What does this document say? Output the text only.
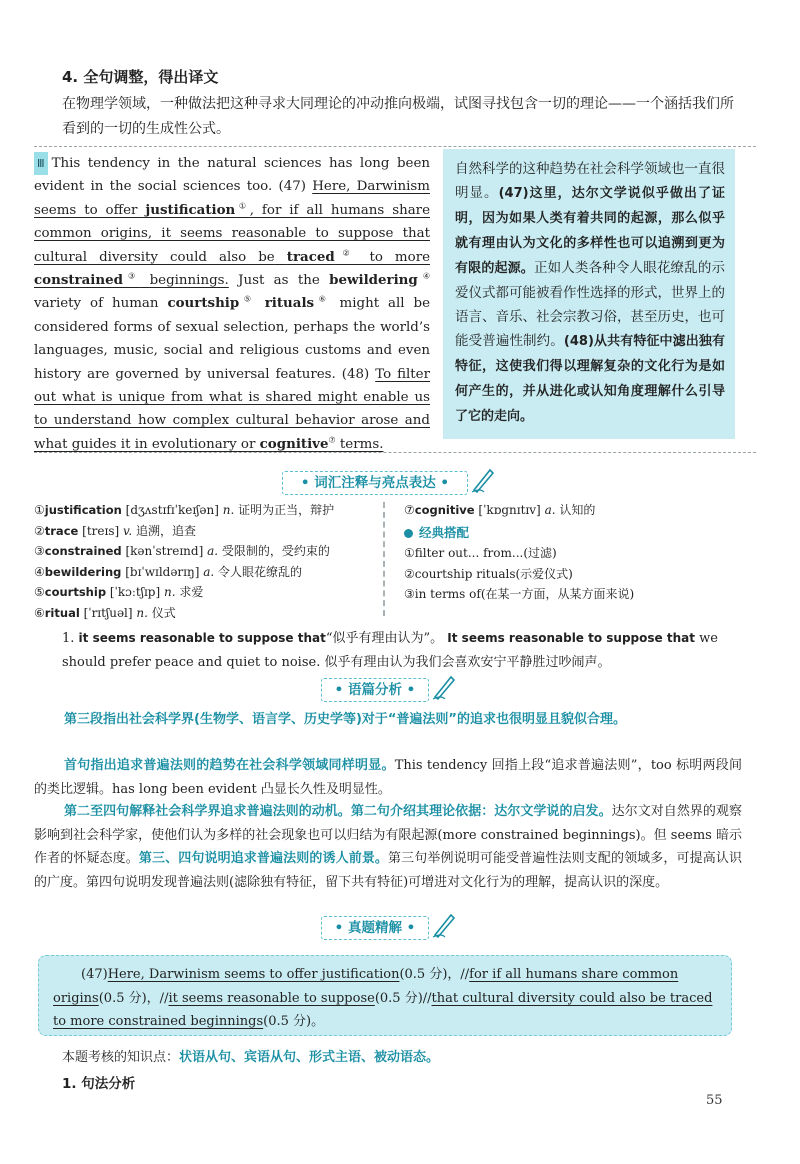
4. 全句调整，得出译文
在物理学领域，一种做法把这种寻求大同理论的冲动推向极端，试图寻找包含一切的理论——一个涵括我们所看到的一切的生成性公式。
Ⅲ This tendency in the natural sciences has long been evident in the social sciences too. (47) Here, Darwinism seems to offer justification①, for if all humans share common origins, it seems reasonable to suppose that cultural diversity could also be traced② to more constrained③ beginnings. Just as the bewildering④ variety of human courtship⑤ rituals⑥ might all be considered forms of sexual selection, perhaps the world’s languages, music, social and religious customs and even history are governed by universal features. (48) To filter out what is unique from what is shared might enable us to understand how complex cultural behavior arose and what guides it in evolutionary or cognitive⑦ terms.
自然科学的这种趋势在社会科学领域也一直很明显。(47)这里，达尔文学说似乎做出了证明，因为如果人类有着共同的起源，那么似乎就有理由认为文化的多样性也可以追溯到更为有限的起源。正如人类各种令人眼花缭乱的示爱仪式都可能被看作性选择的形式，世界上的语言、音乐、社会宗教习俗，甚至历史，也可能受普遍性制约。(48)从共有特征中滤出独有特征，这使我们得以理解复杂的文化行为是如何产生的，并从进化或认知角度理解什么引导了它的走向。
• 词汇注释与亮点表达 •
①justification [dʒʌstɪfɪˈkeɪʃən] n. 证明为正当，辩护
②trace [treɪs] v. 追溯，追查
③constrained [kənˈstreɪnd] a. 受限制的，受约束的
④bewildering [bɪˈwɪldərɪŋ] a. 令人眼花缭乱的
⑤courtship [ˈkɔːtʃɪp] n. 求爱
⑥ritual [ˈrɪtʃuəl] n. 仪式
⑦cognitive [ˈkɒgnɪtɪv] a. 认知的
经典搭配
①filter out... from...(过滤)
②courtship rituals(示爱仪式)
③in terms of(在某一方面，从某方面来说)
1. it seems reasonable to suppose that“似乎有理由认为”。 It seems reasonable to suppose that we should prefer peace and quiet to noise. 似乎有理由认为我们会喜欢安宁平静胜过吵闹声。
• 语篇分析 •
第三段指出社会科学界(生物学、语言学、历史学等)对于“普遍法则”的追求也很明显且貌似合理。
首句指出追求普遍法则的趋势在社会科学领域同样明显。This tendency 回指上段“追求普遍法则”，too 标明两段间的类比逻辑。has long been evident 凸显长久性及明显性。
第二至四句解释社会科学界追求普遍法则的动机。第二句介绍其理论依据：达尔文学说的启发。达尔文对自然界的观察影响到社会科学家，使他们认为多样的社会现象也可以归结为有限起源(more constrained beginnings)。但 seems 暗示作者的怀疑态度。第三、四句说明追求普遍法则的诱人前景。第三句举例说明可能受普遍性法则支配的领域多，可提高认识的广度。第四句说明发现普遍法则(滤除独有特征，留下共有特征)可增进对文化行为的理解，提高认识的深度。
• 真题精解 •
(47)Here, Darwinism seems to offer justification(0.5 分)，//for if all humans share common origins(0.5 分)，//it seems reasonable to suppose(0.5 分)//that cultural diversity could also be traced to more constrained beginnings(0.5 分)。
本题考核的知识点：状语从句、宾语从句、形式主语、被动语态。
1. 句法分析
55
